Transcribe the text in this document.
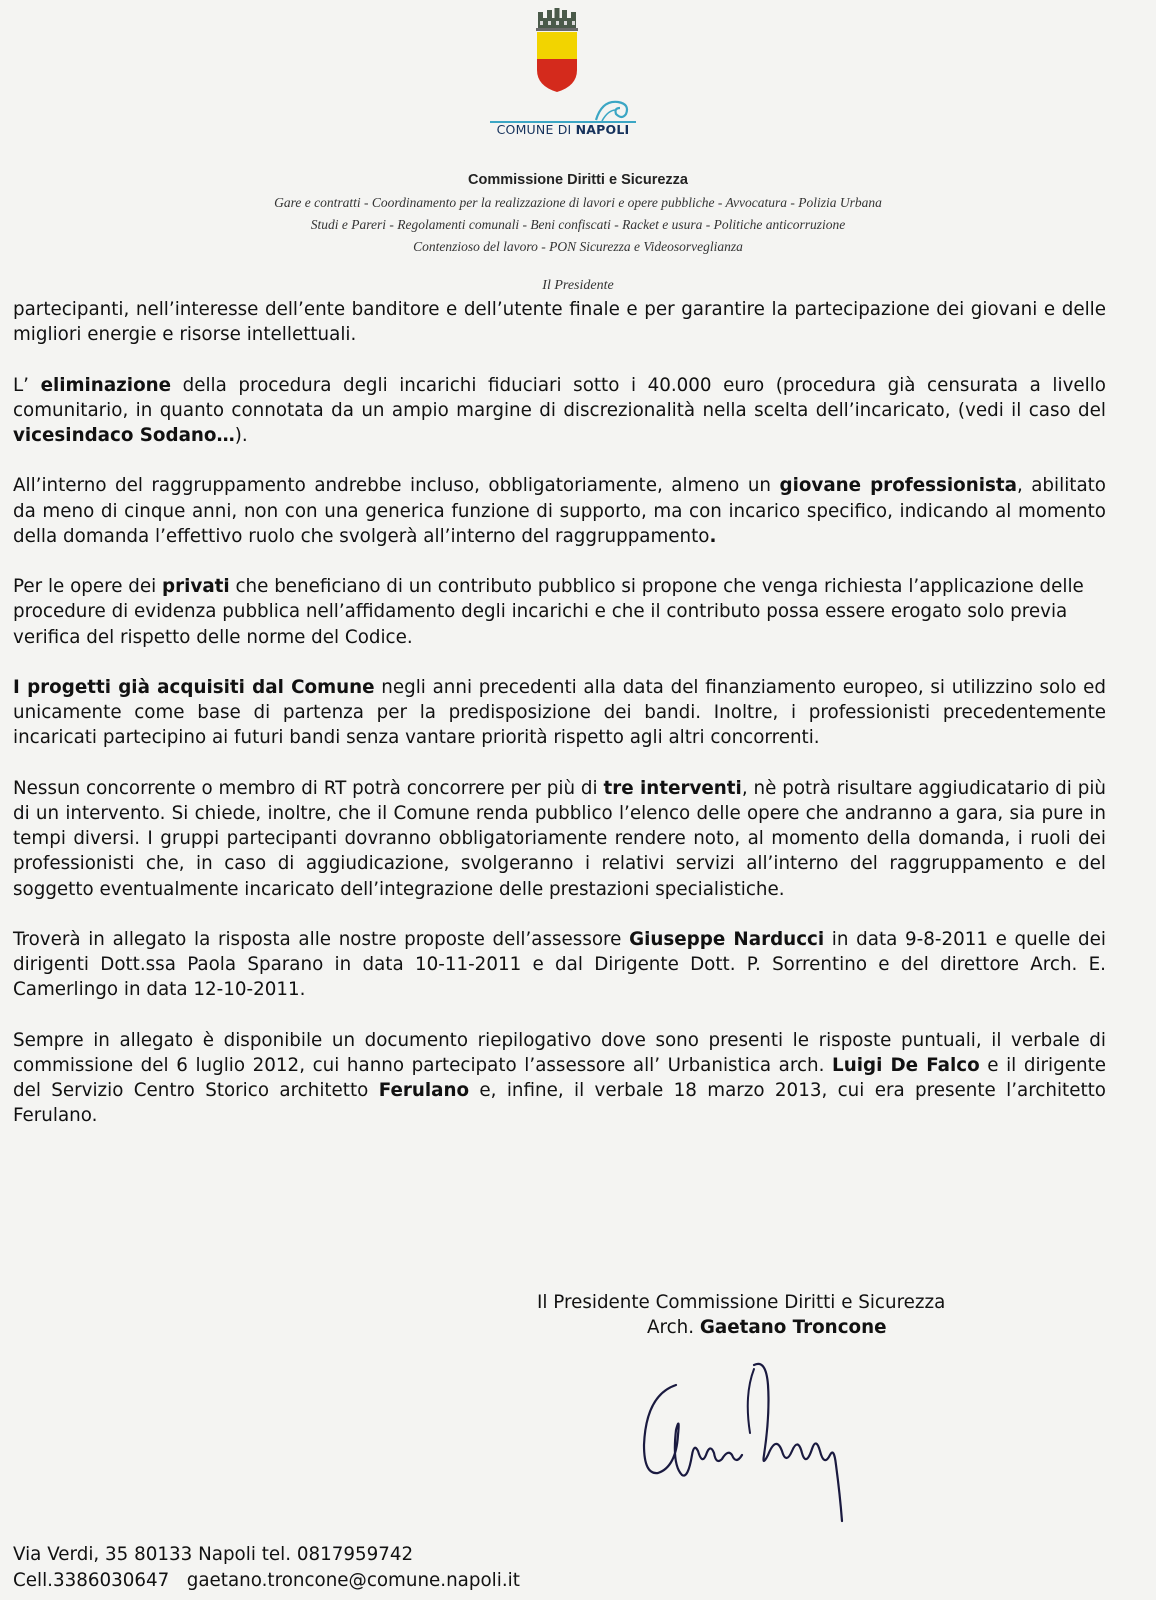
COMUNE DI NAPOLI
Commissione Diritti e Sicurezza
Gare e contratti - Coordinamento per la realizzazione di lavori e opere pubbliche - Avvocatura - Polizia Urbana
Studi e Pareri - Regolamenti comunali - Beni confiscati - Racket e usura - Politiche anticorruzione
Contenzioso del lavoro - PON Sicurezza e Videosorveglianza
Il Presidente

partecipanti, nell’interesse dell’ente banditore e dell’utente finale e per garantire la partecipazione dei giovani e delle migliori energie e risorse intellettuali.

L’ eliminazione della procedura degli incarichi fiduciari sotto i 40.000 euro (procedura già censurata a livello comunitario, in quanto connotata da un ampio margine di discrezionalità nella scelta dell’incaricato, (vedi il caso del vicesindaco Sodano…).

All’interno del raggruppamento andrebbe incluso, obbligatoriamente, almeno un giovane professionista, abilitato da meno di cinque anni, non con una generica funzione di supporto, ma con incarico specifico, indicando al momento della domanda l’effettivo ruolo che svolgerà all’interno del raggruppamento.

Per le opere dei privati che beneficiano di un contributo pubblico si propone che venga richiesta l’applicazione delle procedure di evidenza pubblica nell’affidamento degli incarichi e che il contributo possa essere erogato solo previa verifica del rispetto delle norme del Codice.

I progetti già acquisiti dal Comune negli anni precedenti alla data del finanziamento europeo, si utilizzino solo ed unicamente come base di partenza per la predisposizione dei bandi. Inoltre, i professionisti precedentemente incaricati partecipino ai futuri bandi senza vantare priorità rispetto agli altri concorrenti.

Nessun concorrente o membro di RT potrà concorrere per più di tre interventi, nè potrà risultare aggiudicatario di più di un intervento. Si chiede, inoltre, che il Comune renda pubblico l’elenco delle opere che andranno a gara, sia pure in tempi diversi. I gruppi partecipanti dovranno obbligatoriamente rendere noto, al momento della domanda, i ruoli dei professionisti che, in caso di aggiudicazione, svolgeranno i relativi servizi all’interno del raggruppamento e del soggetto eventualmente incaricato dell’integrazione delle prestazioni specialistiche.

Troverà in allegato la risposta alle nostre proposte dell’assessore Giuseppe Narducci in data 9-8-2011 e quelle dei dirigenti Dott.ssa Paola Sparano in data 10-11-2011 e dal Dirigente Dott. P. Sorrentino e del direttore Arch. E. Camerlingo in data 12-10-2011.

Sempre in allegato è disponibile un documento riepilogativo dove sono presenti le risposte puntuali, il verbale di commissione del 6 luglio 2012, cui hanno partecipato l’assessore all’ Urbanistica arch. Luigi De Falco e il dirigente del Servizio Centro Storico architetto Ferulano e, infine, il verbale 18 marzo 2013, cui era presente l’architetto Ferulano.

Il Presidente Commissione Diritti e Sicurezza
Arch. Gaetano Troncone
Via Verdi, 35 80133 Napoli tel. 0817959742
Cell.3386030647   gaetano.troncone@comune.napoli.it
